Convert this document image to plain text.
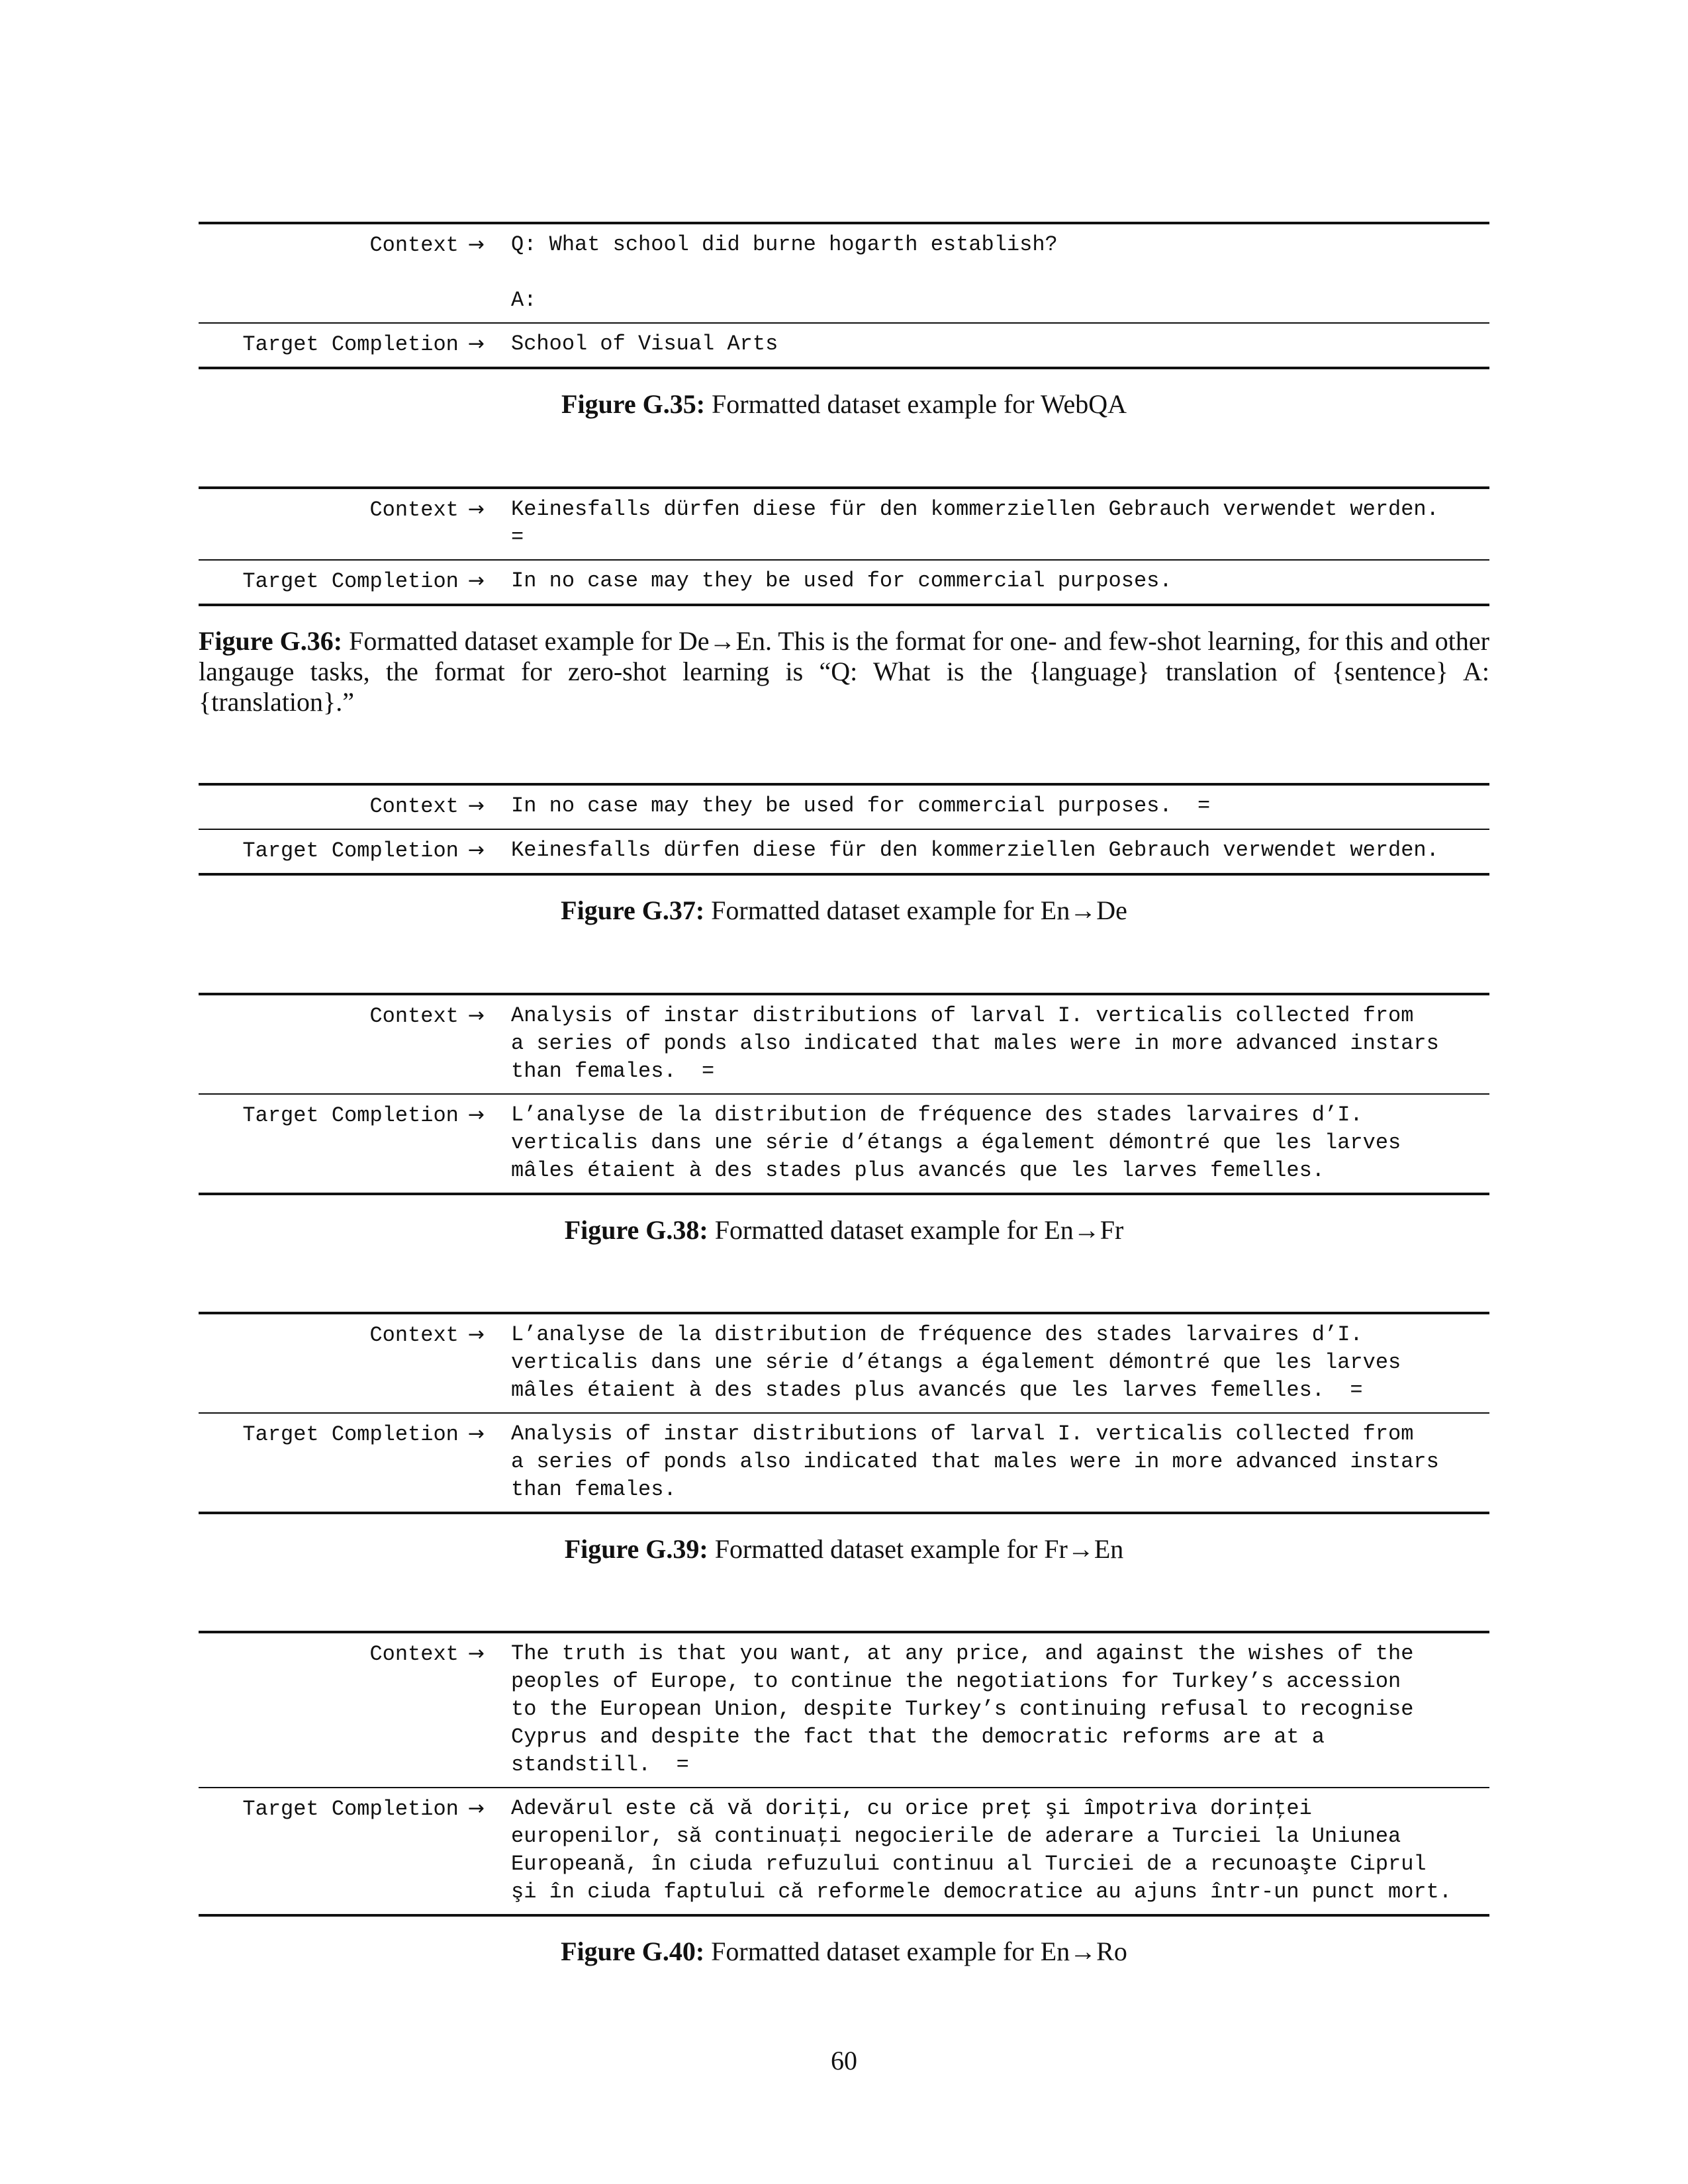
Context →	Q: What school did burne hogarth establish?

A:
Target Completion →	School of Visual Arts
Figure G.35: Formatted dataset example for WebQA
Context →	Keinesfalls dürfen diese für den kommerziellen Gebrauch verwendet werden.
=
Target Completion →	In no case may they be used for commercial purposes.
Figure G.36: Formatted dataset example for De→En. This is the format for one- and few-shot learning, for this and other langauge tasks, the format for zero-shot learning is “Q: What is the {language} translation of {sentence} A: {translation}.”
Context →	In no case may they be used for commercial purposes.  =
Target Completion →	Keinesfalls dürfen diese für den kommerziellen Gebrauch verwendet werden.
Figure G.37: Formatted dataset example for En→De
Context →	Analysis of instar distributions of larval I. verticalis collected from
a series of ponds also indicated that males were in more advanced instars
than females.  =
Target Completion →	L’analyse de la distribution de fréquence des stades larvaires d’I.
verticalis dans une série d’étangs a également démontré que les larves
mâles étaient à des stades plus avancés que les larves femelles.
Figure G.38: Formatted dataset example for En→Fr
Context →	L’analyse de la distribution de fréquence des stades larvaires d’I.
verticalis dans une série d’étangs a également démontré que les larves
mâles étaient à des stades plus avancés que les larves femelles.  =
Target Completion →	Analysis of instar distributions of larval I. verticalis collected from
a series of ponds also indicated that males were in more advanced instars
than females.
Figure G.39: Formatted dataset example for Fr→En
Context →	The truth is that you want, at any price, and against the wishes of the
peoples of Europe, to continue the negotiations for Turkey’s accession
to the European Union, despite Turkey’s continuing refusal to recognise
Cyprus and despite the fact that the democratic reforms are at a
standstill.  =
Target Completion →	Adevărul este că vă doriţi, cu orice preţ şi împotriva dorinţei
europenilor, să continuaţi negocierile de aderare a Turciei la Uniunea
Europeană, în ciuda refuzului continuu al Turciei de a recunoaşte Ciprul
şi în ciuda faptului că reformele democratice au ajuns într-un punct mort.
Figure G.40: Formatted dataset example for En→Ro
60
